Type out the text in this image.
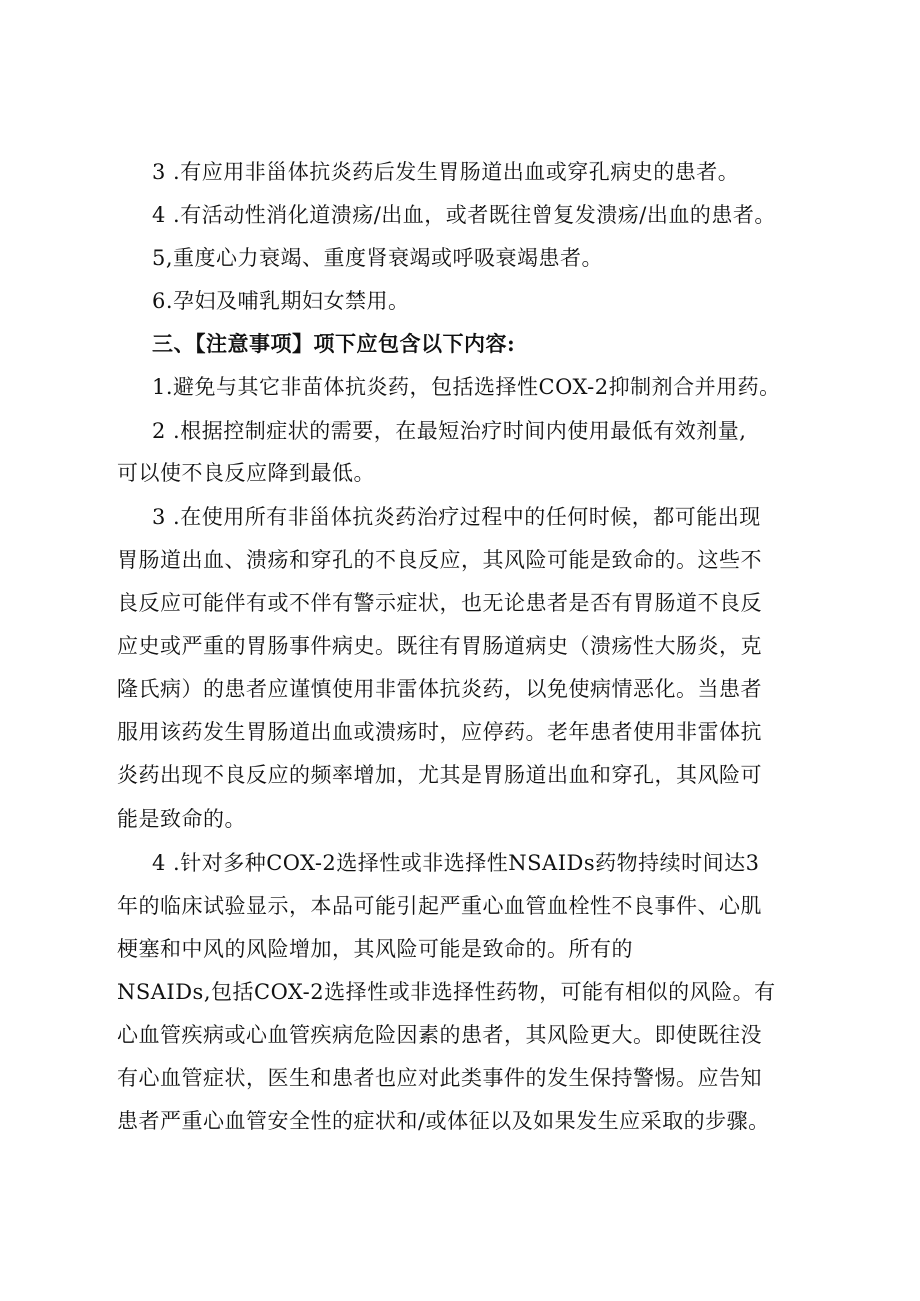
3 .有应用非甾体抗炎药后发生胃肠道出血或穿孔病史的患者。
4 .有活动性消化道溃疡/出血，或者既往曾复发溃疡/出血的患者。
5,重度心力衰竭、重度肾衰竭或呼吸衰竭患者。
6.孕妇及哺乳期妇女禁用。
三、【注意事项】项下应包含以下内容:
1.避免与其它非苗体抗炎药，包括选择性COX-2抑制剂合并用药。
2 .根据控制症状的需要，在最短治疗时间内使用最低有效剂量,
可以使不良反应降到最低。
3 .在使用所有非甾体抗炎药治疗过程中的任何时候，都可能出现
胃肠道出血、溃疡和穿孔的不良反应，其风险可能是致命的。这些不
良反应可能伴有或不伴有警示症状，也无论患者是否有胃肠道不良反
应史或严重的胃肠事件病史。既往有胃肠道病史（溃疡性大肠炎，克
隆氏病）的患者应谨慎使用非雷体抗炎药，以免使病情恶化。当患者
服用该药发生胃肠道出血或溃疡时，应停药。老年患者使用非雷体抗
炎药出现不良反应的频率增加，尤其是胃肠道出血和穿孔，其风险可
能是致命的。
4 .针对多种COX-2选择性或非选择性NSAIDs药物持续时间达3
年的临床试验显示，本品可能引起严重心血管血栓性不良事件、心肌
梗塞和中风的风险增加，其风险可能是致命的。所有的
NSAIDs,包括COX-2选择性或非选择性药物，可能有相似的风险。有
心血管疾病或心血管疾病危险因素的患者，其风险更大。即使既往没
有心血管症状，医生和患者也应对此类事件的发生保持警惕。应告知
患者严重心血管安全性的症状和/或体征以及如果发生应采取的步骤。
